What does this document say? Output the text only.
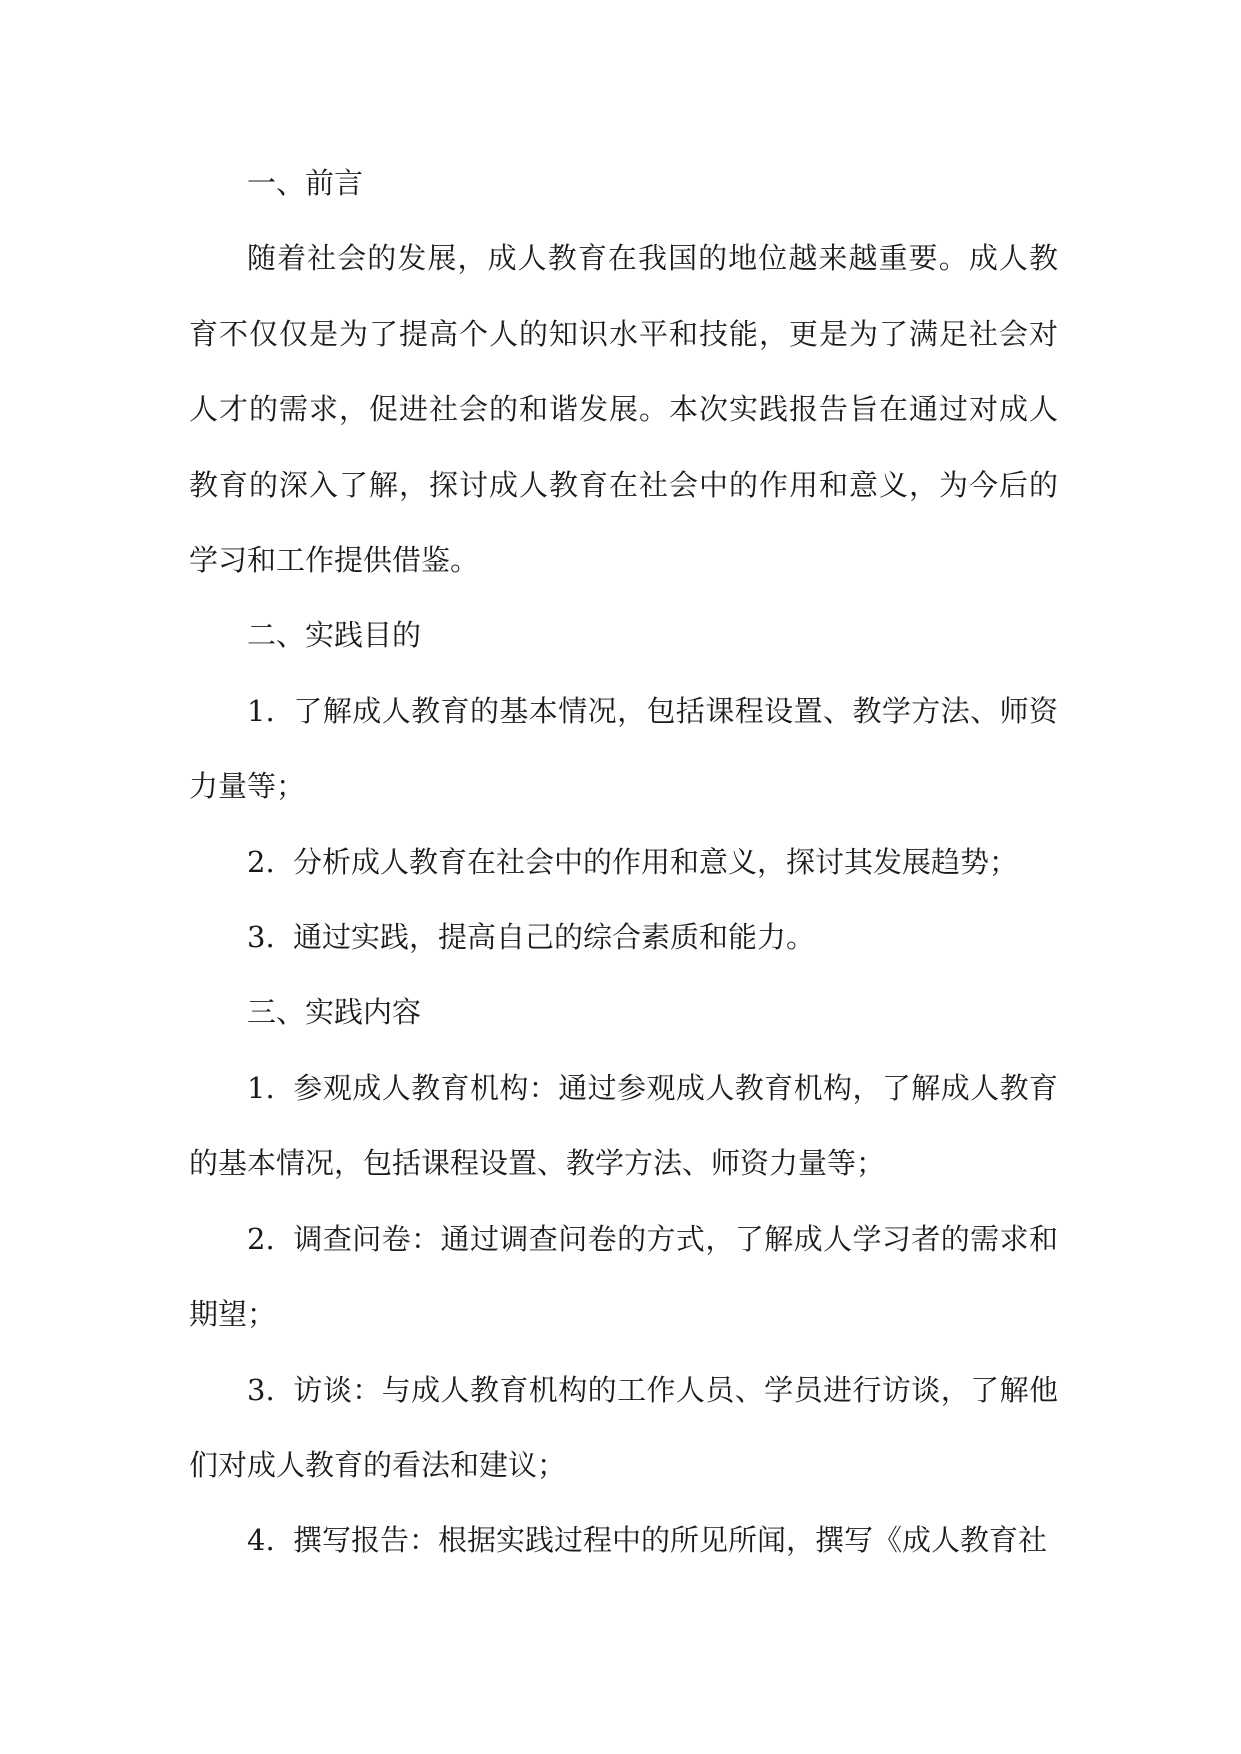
一、前言

随着社会的发展，成人教育在我国的地位越来越重要。成人教育不仅仅是为了提高个人的知识水平和技能，更是为了满足社会对人才的需求，促进社会的和谐发展。本次实践报告旨在通过对成人教育的深入了解，探讨成人教育在社会中的作用和意义，为今后的学习和工作提供借鉴。

二、实践目的

1. 了解成人教育的基本情况，包括课程设置、教学方法、师资力量等；

2. 分析成人教育在社会中的作用和意义，探讨其发展趋势；

3. 通过实践，提高自己的综合素质和能力。

三、实践内容

1. 参观成人教育机构：通过参观成人教育机构，了解成人教育的基本情况，包括课程设置、教学方法、师资力量等；

2. 调查问卷：通过调查问卷的方式，了解成人学习者的需求和期望；

3. 访谈：与成人教育机构的工作人员、学员进行访谈，了解他们对成人教育的看法和建议；

4. 撰写报告：根据实践过程中的所见所闻，撰写《成人教育社
